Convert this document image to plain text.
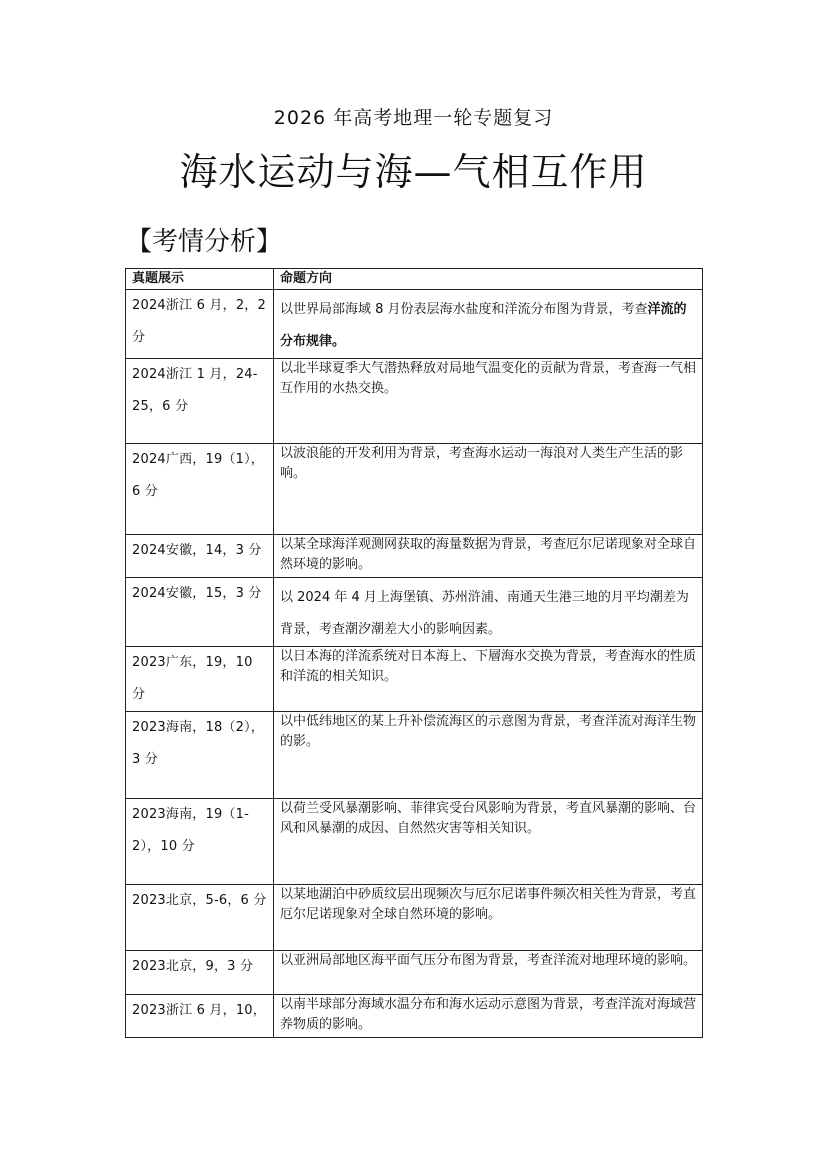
2026 年高考地理一轮专题复习
海水运动与海—气相互作用
【考情分析】
真题展示	命题方向
2024浙江 6 月，2，2 分	以世界局部海域 8 月份表层海水盐度和洋流分布图为背景，考查洋流的分布规律。
2024浙江 1 月，24-25，6 分	以北半球夏季大气潜热释放对局地气温变化的贡献为背景，考查海一气相互作用的水热交换。
2024广西，19（1），6 分	以波浪能的开发利用为背景，考查海水运动一海浪对人类生产生活的影响。
2024安徽，14，3 分	以某全球海洋观测网获取的海量数据为背景，考查厄尔尼诺现象对全球自然环境的影响。
2024安徽，15，3 分	以 2024 年 4 月上海堡镇、苏州浒浦、南通天生港三地的月平均潮差为背景，考查潮汐潮差大小的影响因素。
2023广东，19，10 分	以日本海的洋流系统对日本海上、下層海水交换为背景，考查海水的性质和洋流的相关知识。
2023海南，18（2），3 分	以中低纬地区的某上升补偿流海区的示意图为背景，考查洋流对海洋生物的影。
2023海南，19（1-2），10 分	以荷兰受风暴潮影响、菲律宾受台风影响为背景，考直风暴潮的影响、台风和风暴潮的成因、自然然灾害等相关知识。
2023北京，5-6，6 分	以某地湖泊中砂质纹层出现频次与厄尔尼诺事件频次相关性为背景，考直厄尔尼诺现象对全球自然环境的影响。
2023北京，9，3 分	以亚洲局部地区海平面气压分布图为背景，考查洋流对地理环境的影响。
2023浙江 6 月，10，	以南半球部分海域水温分布和海水运动示意图为背景，考查洋流对海域营养物质的影响。
